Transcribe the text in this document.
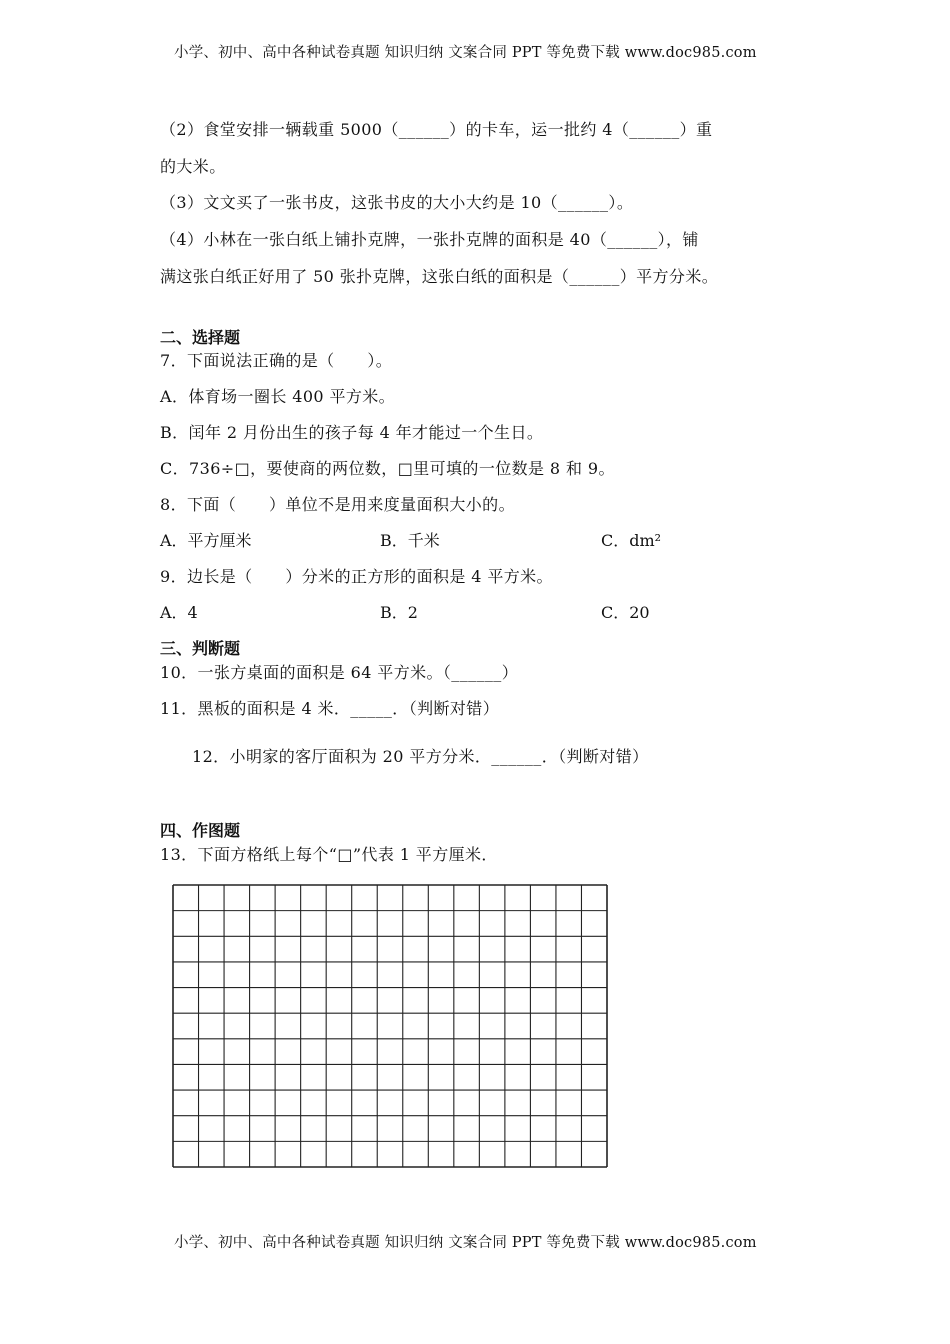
小学、初中、高中各种试卷真题 知识归纳 文案合同 PPT 等免费下载 www.doc985.com
（2）食堂安排一辆载重 5000（______）的卡车，运一批约 4（______）重
的大米。
（3）文文买了一张书皮，这张书皮的大小大约是 10（______）。
（4）小林在一张白纸上铺扑克牌，一张扑克牌的面积是 40（______），铺
满这张白纸正好用了 50 张扑克牌，这张白纸的面积是（______）平方分米。
二、选择题
7．下面说法正确的是（　　）。
A．体育场一圈长 400 平方米。
B．闰年 2 月份出生的孩子每 4 年才能过一个生日。
C．736÷□，要使商的两位数，□里可填的一位数是 8 和 9。
8．下面（　　）单位不是用来度量面积大小的。
A．平方厘米	B．千米	C．dm²
9．边长是（　　）分米的正方形的面积是 4 平方米。
A．4	B．2	C．20
三、判断题
10．一张方桌面的面积是 64 平方米。（______）
11．黑板的面积是 4 米．_____．（判断对错）
12．小明家的客厅面积为 20 平方分米．______．（判断对错）
四、作图题
13．下面方格纸上每个“□”代表 1 平方厘米．
小学、初中、高中各种试卷真题 知识归纳 文案合同 PPT 等免费下载 www.doc985.com
